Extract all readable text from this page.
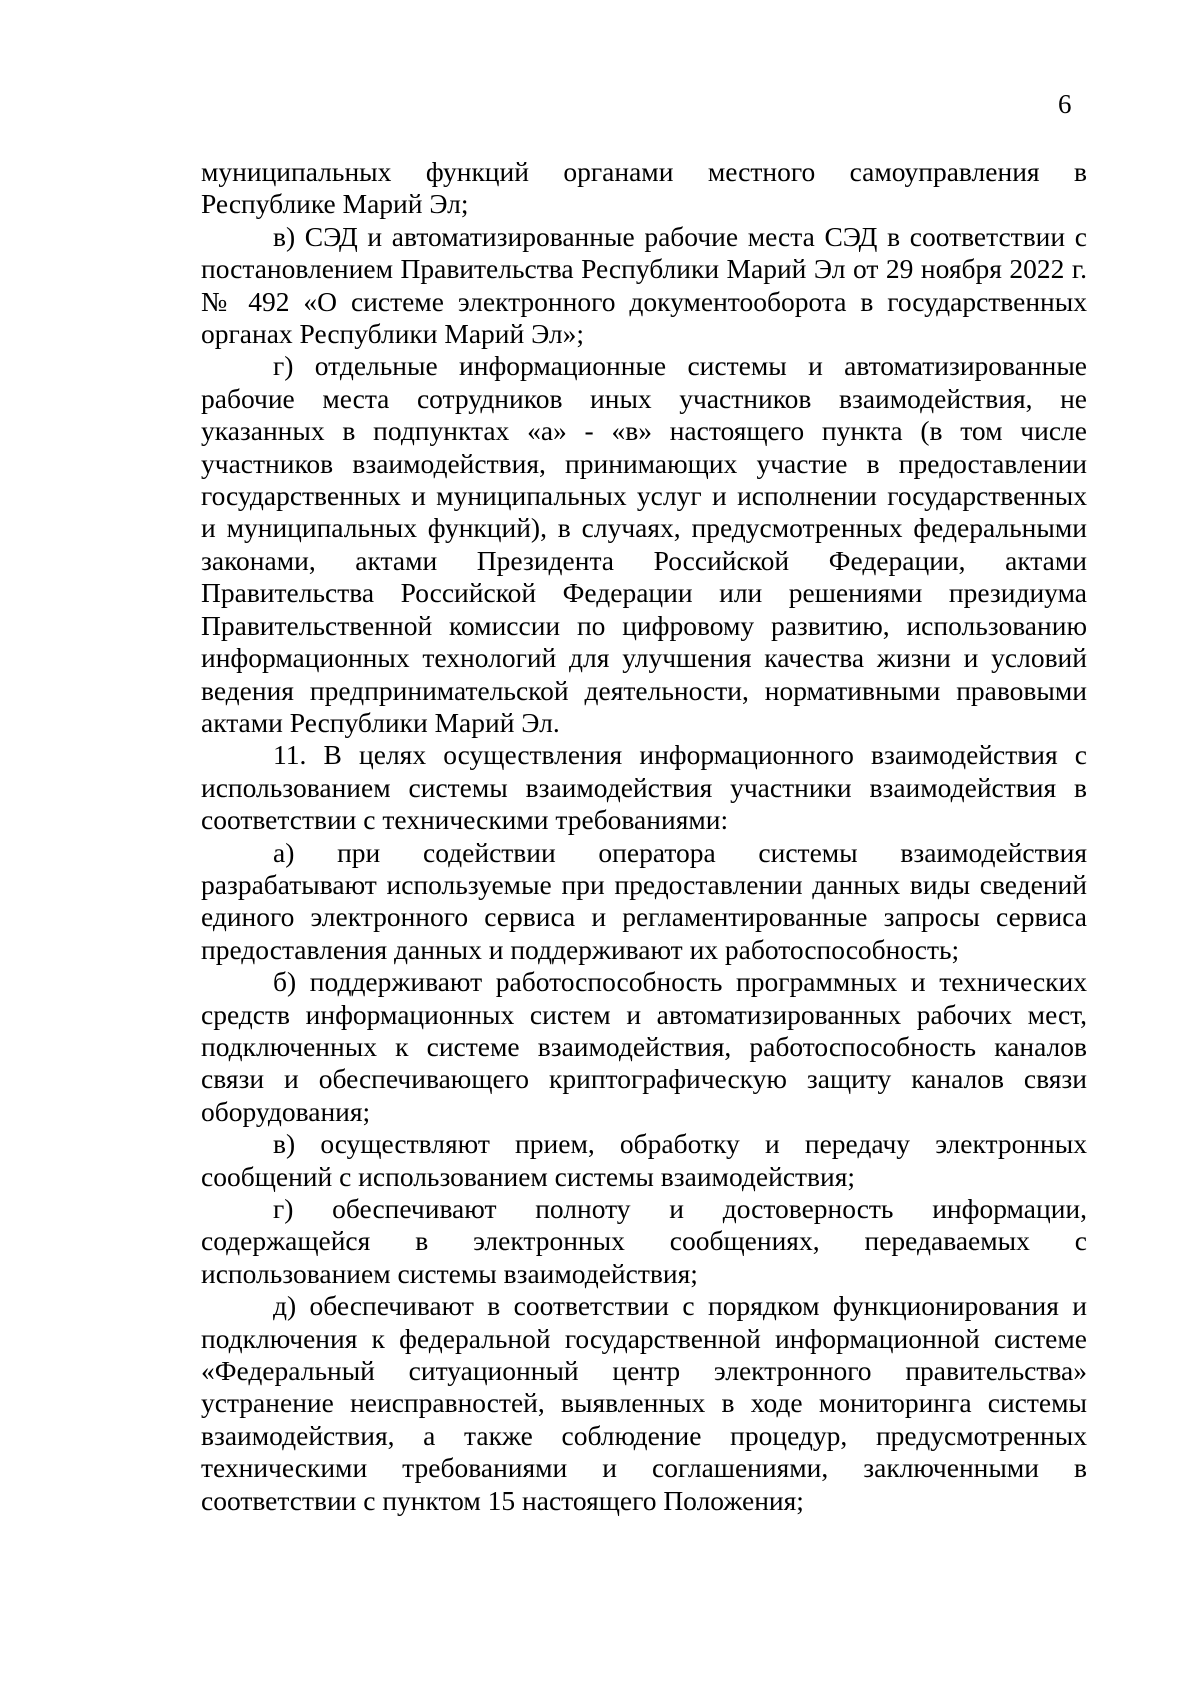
6

муниципальных функций органами местного самоуправления в Республике Марий Эл;

в) СЭД и автоматизированные рабочие места СЭД в соответствии с постановлением Правительства Республики Марий Эл от 29 ноября 2022 г. № 492 «О системе электронного документооборота в государственных органах Республики Марий Эл»;

г) отдельные информационные системы и автоматизированные рабочие места сотрудников иных участников взаимодействия, не указанных в подпунктах «а» - «в» настоящего пункта (в том числе участников взаимодействия, принимающих участие в предоставлении государственных и муниципальных услуг и исполнении государственных и муниципальных функций), в случаях, предусмотренных федеральными законами, актами Президента Российской Федерации, актами Правительства Российской Федерации или решениями президиума Правительственной комиссии по цифровому развитию, использованию информационных технологий для улучшения качества жизни и условий ведения предпринимательской деятельности, нормативными правовыми актами Республики Марий Эл.

11. В целях осуществления информационного взаимодействия с использованием системы взаимодействия участники взаимодействия в соответствии с техническими требованиями:

а) при содействии оператора системы взаимодействия разрабатывают используемые при предоставлении данных виды сведений единого электронного сервиса и регламентированные запросы сервиса предоставления данных и поддерживают их работоспособность;

б) поддерживают работоспособность программных и технических средств информационных систем и автоматизированных рабочих мест, подключенных к системе взаимодействия, работоспособность каналов связи и обеспечивающего криптографическую защиту каналов связи оборудования;

в) осуществляют прием, обработку и передачу электронных сообщений с использованием системы взаимодействия;

г) обеспечивают полноту и достоверность информации, содержащейся в электронных сообщениях, передаваемых с использованием системы взаимодействия;

д) обеспечивают в соответствии с порядком функционирования и подключения к федеральной государственной информационной системе «Федеральный ситуационный центр электронного правительства» устранение неисправностей, выявленных в ходе мониторинга системы взаимодействия, а также соблюдение процедур, предусмотренных техническими требованиями и соглашениями, заключенными в соответствии с пунктом 15 настоящего Положения;
